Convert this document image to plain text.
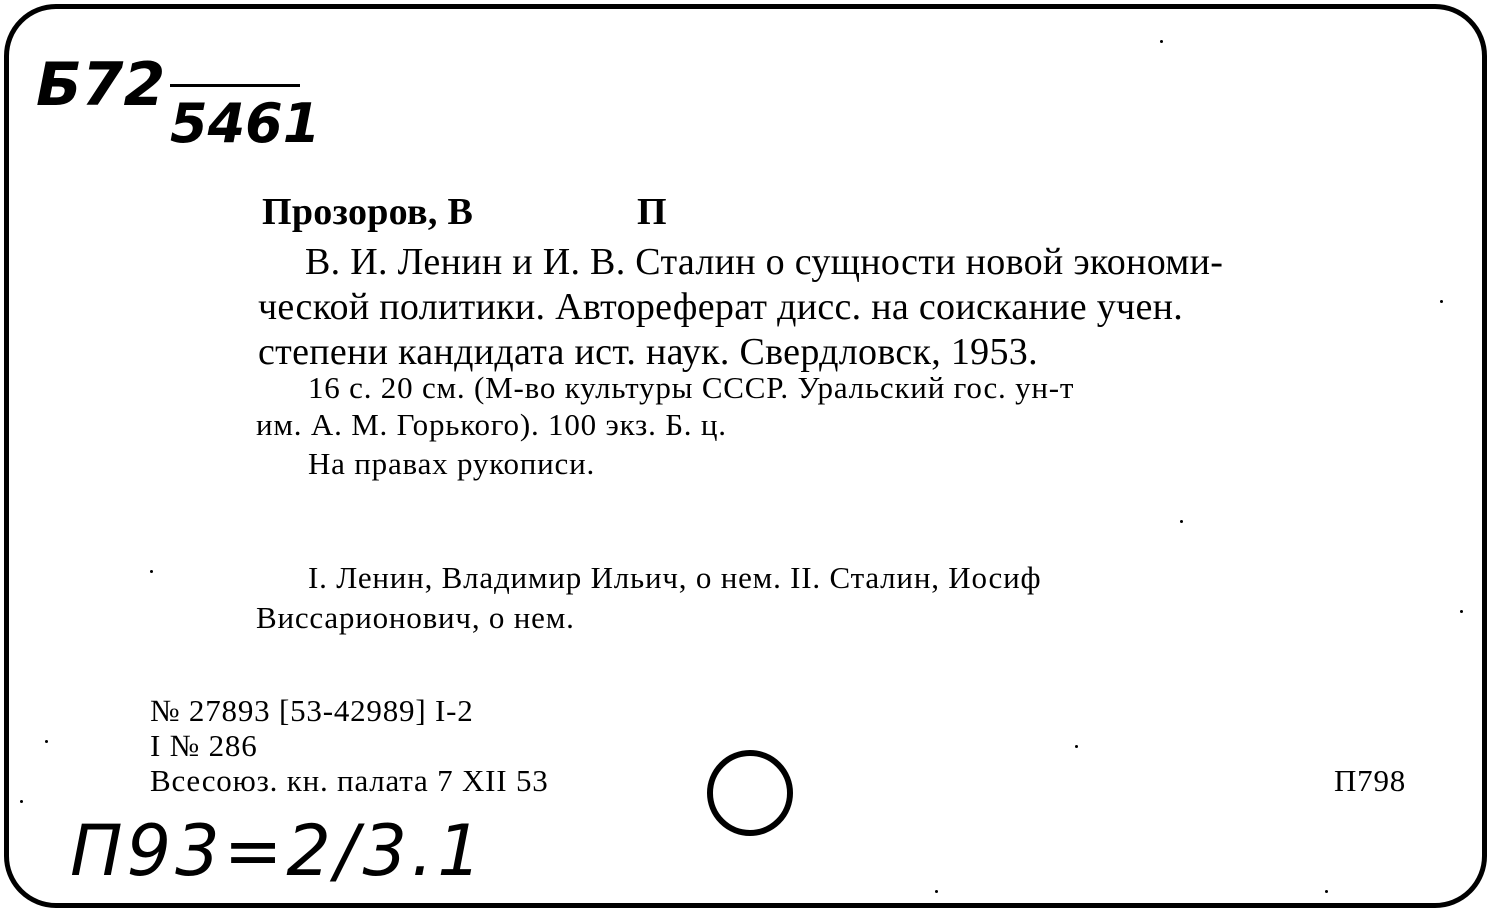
Б72
5461
Прозоров, В	П
В. И. Ленин и И. В. Сталин о сущности новой экономи-
ческой политики. Автореферат дисс. на соискание учен.
степени кандидата ист. наук. Свердловск, 1953.
16 с. 20 см. (М-во культуры СССР. Уральский гос. ун-т
им. А. М. Горького). 100 экз. Б. ц.
На правах рукописи.
I. Ленин, Владимир Ильич, о нем. II. Сталин, Иосиф
Виссарионович, о нем.
№ 27893 [53-42989] I-2
I № 286
Всесоюз. кн. палата 7 XII 53	П798
П93=2/3.1
